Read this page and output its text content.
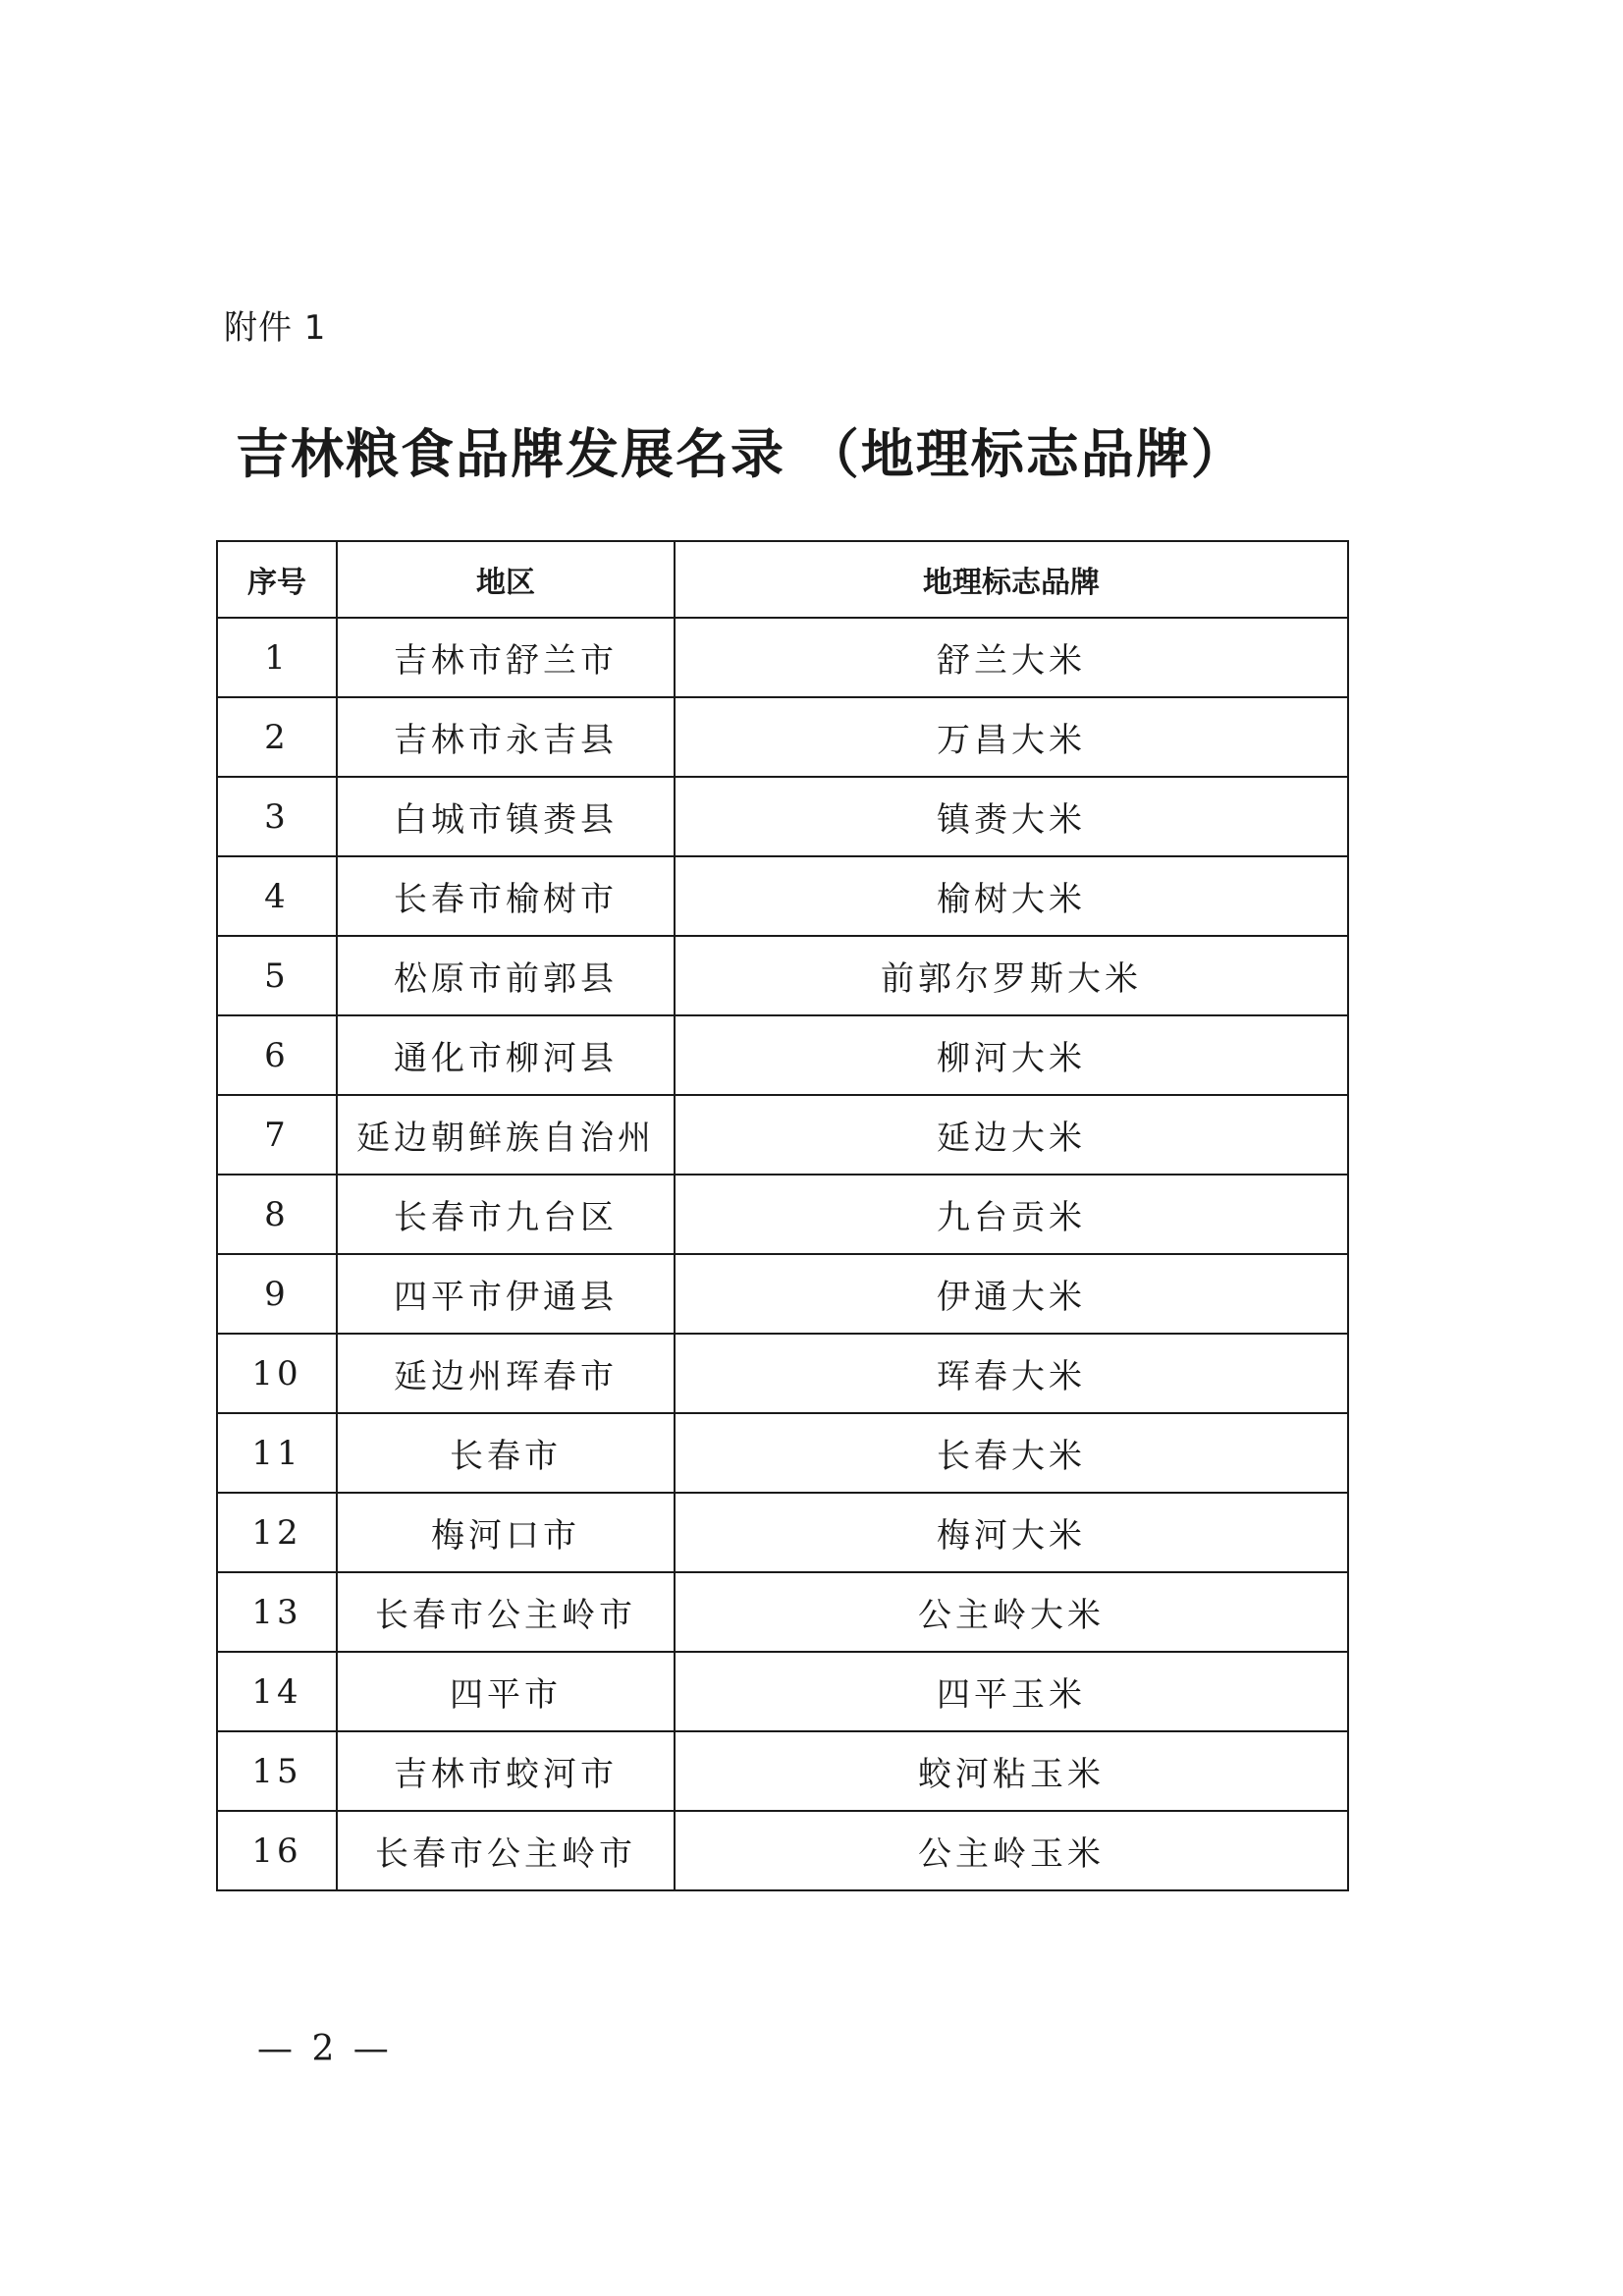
附件 1
吉林粮食品牌发展名录 （地理标志品牌）
序号	地区	地理标志品牌
1	吉林市舒兰市	舒兰大米
2	吉林市永吉县	万昌大米
3	白城市镇赉县	镇赉大米
4	长春市榆树市	榆树大米
5	松原市前郭县	前郭尔罗斯大米
6	通化市柳河县	柳河大米
7	延边朝鲜族自治州	延边大米
8	长春市九台区	九台贡米
9	四平市伊通县	伊通大米
10	延边州珲春市	珲春大米
11	长春市	长春大米
12	梅河口市	梅河大米
13	长春市公主岭市	公主岭大米
14	四平市	四平玉米
15	吉林市蛟河市	蛟河粘玉米
16	长春市公主岭市	公主岭玉米
— 2 —
